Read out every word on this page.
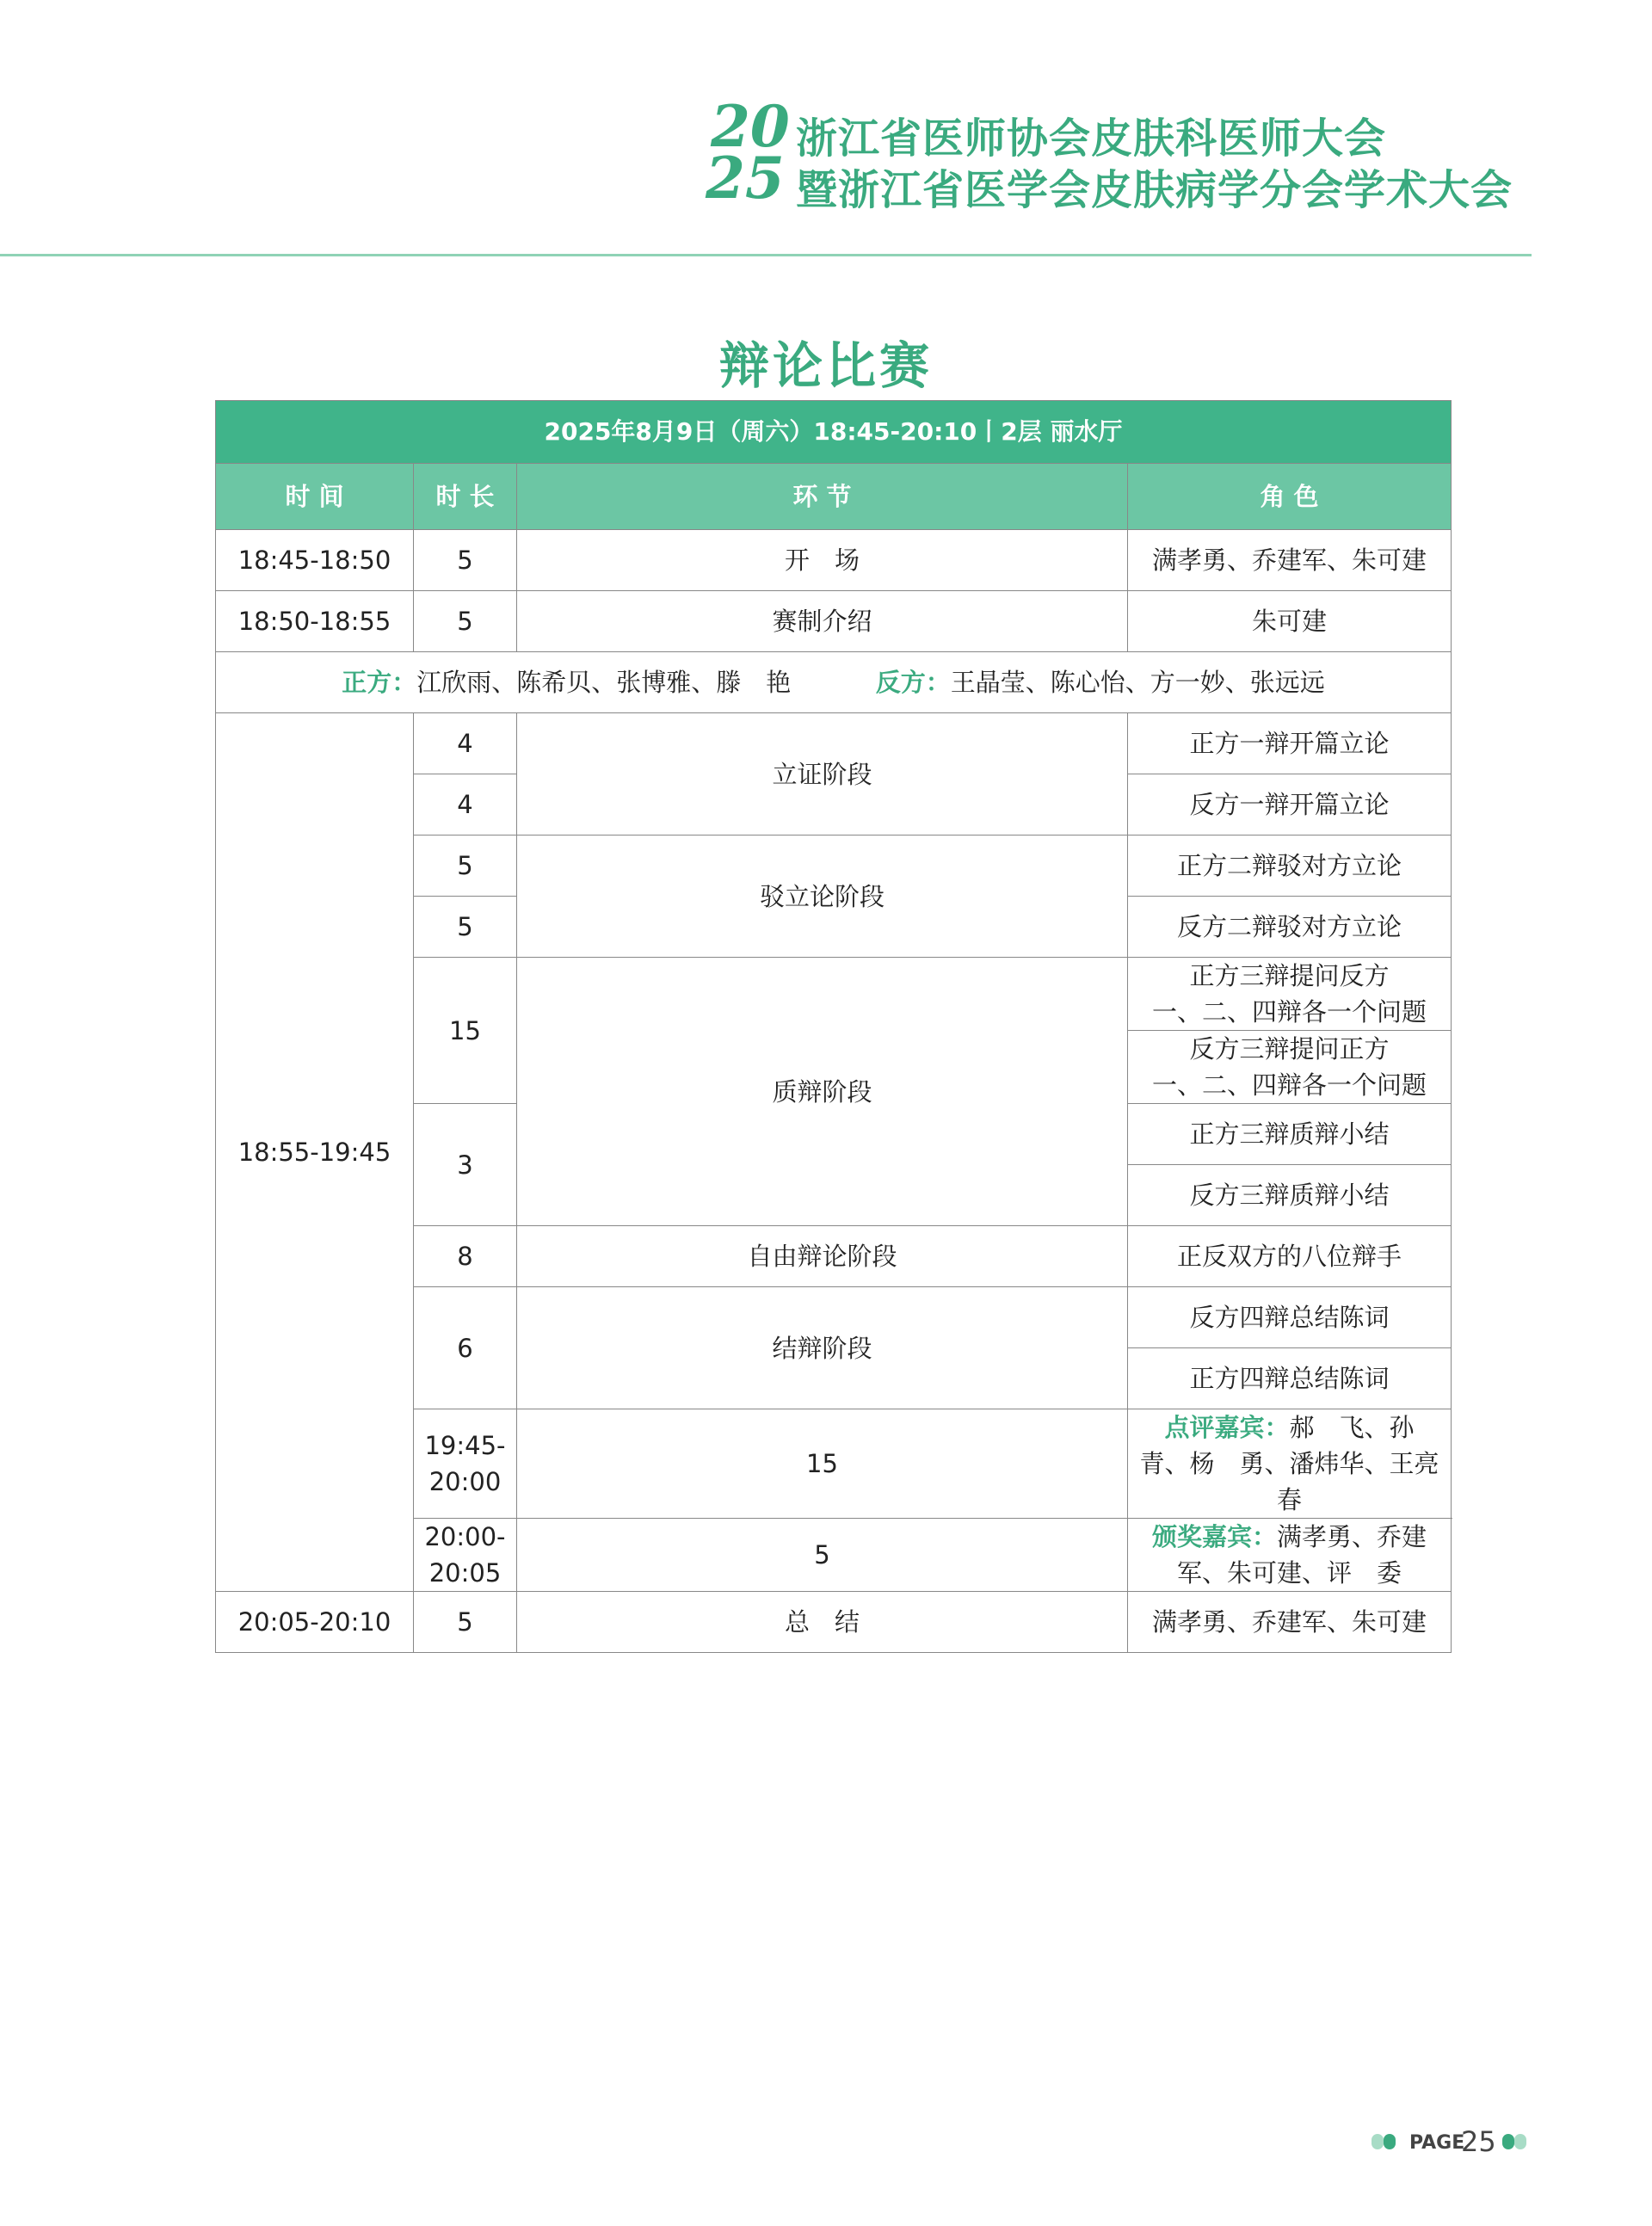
20
25
浙江省医师协会皮肤科医师大会
暨浙江省医学会皮肤病学分会学术大会
辩论比赛
2025年8月9日（周六）18:45-20:10丨2层 丽水厅			
时 间	时 长	环 节	角 色
18:45-18:50	5	开　场	满孝勇、乔建军、朱可建
18:50-18:55	5	赛制介绍	朱可建
正方：江欣雨、陈希贝、张博雅、滕　艳 反方：王晶莹、陈心怡、方一妙、张远远			
18:55-19:45	4	立证阶段	正方一辩开篇立论
	4		反方一辩开篇立论
	5	驳立论阶段	正方二辩驳对方立论
	5		反方二辩驳对方立论
	15	质辩阶段	正方三辩提问反方
一、二、四辩各一个问题

			反方三辩提问正方
一、二、四辩各一个问题

	3		正方三辩质辩小结
			反方三辩质辩小结
	8	自由辩论阶段	正反双方的八位辩手
	6	结辩阶段	反方四辩总结陈词
			正方四辩总结陈词
	19:45-20:00	15	点评嘉宾：郝　飞、孙　青、杨　勇、潘炜华、王亮春
	20:00-20:05	5	颁奖嘉宾：满孝勇、乔建军、朱可建、评　委
20:05-20:10	5	总　结	满孝勇、乔建军、朱可建
PAGE
25
